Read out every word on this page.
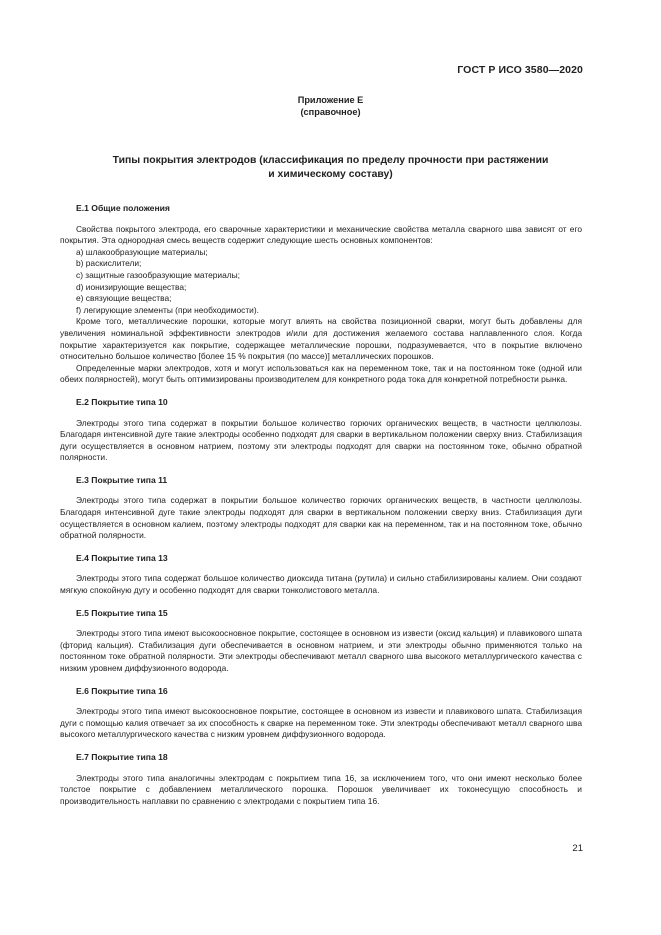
ГОСТ Р ИСО 3580—2020
Приложение Е
(справочное)
Типы покрытия электродов (классификация по пределу прочности при растяжении
и химическому составу)
Е.1 Общие положения

Свойства покрытого электрода, его сварочные характеристики и механические свойства металла сварного шва зависят от его покрытия. Эта однородная смесь веществ содержит следующие шесть основных компонентов:

a) шлакообразующие материалы;
b) раскислители;
c) защитные газообразующие материалы;
d) ионизирующие вещества;
e) связующие вещества;
f) легирующие элементы (при необходимости).

Кроме того, металлические порошки, которые могут влиять на свойства позиционной сварки, могут быть добавлены для увеличения номинальной эффективности электродов и/или для достижения желаемого состава наплавленного слоя. Когда покрытие характеризуется как покрытие, содержащее металлические порошки, подразумевается, что в покрытие включено относительно большое количество [более 15 % покрытия (по массе)] металлических порошков.

Определенные марки электродов, хотя и могут использоваться как на переменном токе, так и на постоянном токе (одной или обеих полярностей), могут быть оптимизированы производителем для конкретного рода тока для конкретной потребности рынка.

Е.2 Покрытие типа 10

Электроды этого типа содержат в покрытии большое количество горючих органических веществ, в частности целлюлозы. Благодаря интенсивной дуге такие электроды особенно подходят для сварки в вертикальном положении сверху вниз. Стабилизация дуги осуществляется в основном натрием, поэтому эти электроды подходят для сварки на постоянном токе, обычно обратной полярности.

Е.3 Покрытие типа 11

Электроды этого типа содержат в покрытии большое количество горючих органических веществ, в частности целлюлозы. Благодаря интенсивной дуге такие электроды подходят для сварки в вертикальном положении сверху вниз. Стабилизация дуги осуществляется в основном калием, поэтому электроды подходят для сварки как на переменном, так и на постоянном токе, обычно обратной полярности.

Е.4 Покрытие типа 13

Электроды этого типа содержат большое количество диоксида титана (рутила) и сильно стабилизированы калием. Они создают мягкую спокойную дугу и особенно подходят для сварки тонколистового металла.

Е.5 Покрытие типа 15

Электроды этого типа имеют высокоосновное покрытие, состоящее в основном из извести (оксид кальция) и плавикового шпата (фторид кальция). Стабилизация дуги обеспечивается в основном натрием, и эти электроды обычно применяются только на постоянном токе обратной полярности. Эти электроды обеспечивают металл сварного шва высокого металлургического качества с низким уровнем диффузионного водорода.

Е.6 Покрытие типа 16

Электроды этого типа имеют высокоосновное покрытие, состоящее в основном из извести и плавикового шпата. Стабилизация дуги с помощью калия отвечает за их способность к сварке на переменном токе. Эти электроды обеспечивают металл сварного шва высокого металлургического качества с низким уровнем диффузионного водорода.

Е.7 Покрытие типа 18

Электроды этого типа аналогичны электродам с покрытием типа 16, за исключением того, что они имеют несколько более толстое покрытие с добавлением металлического порошка. Порошок увеличивает их токонесущую способность и производительность наплавки по сравнению с электродами с покрытием типа 16.

21
